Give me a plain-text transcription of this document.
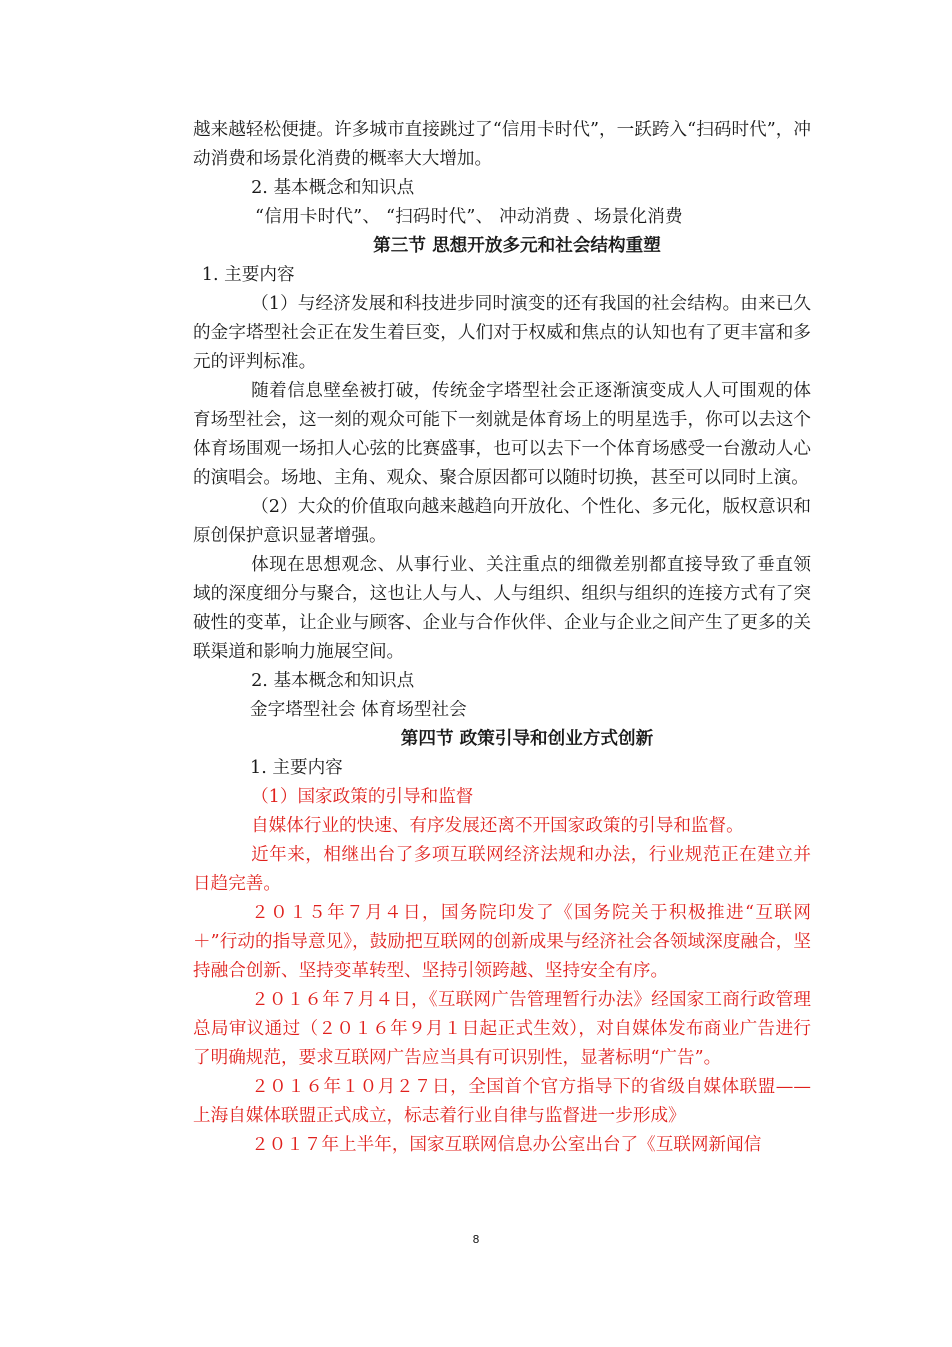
越来越轻松便捷。许多城市直接跳过了“信用卡时代”，一跃跨入“扫码时代”，冲动消费和场景化消费的概率大大增加。

2. 基本概念和知识点

“信用卡时代”、 “扫码时代”、 冲动消费 、场景化消费

第三节 思想开放多元和社会结构重塑

1. 主要内容

（1）与经济发展和科技进步同时演变的还有我国的社会结构。由来已久的金字塔型社会正在发生着巨变，人们对于权威和焦点的认知也有了更丰富和多元的评判标准。

随着信息壁垒被打破，传统金字塔型社会正逐渐演变成人人可围观的体育场型社会，这一刻的观众可能下一刻就是体育场上的明星选手，你可以去这个体育场围观一场扣人心弦的比赛盛事，也可以去下一个体育场感受一台激动人心的演唱会。场地、主角、观众、聚合原因都可以随时切换，甚至可以同时上演。

（2）大众的价值取向越来越趋向开放化、个性化、多元化，版权意识和原创保护意识显著增强。

体现在思想观念、从事行业、关注重点的细微差别都直接导致了垂直领域的深度细分与聚合，这也让人与人、人与组织、组织与组织的连接方式有了突破性的变革，让企业与顾客、企业与合作伙伴、企业与企业之间产生了更多的关联渠道和影响力施展空间。

2. 基本概念和知识点

金字塔型社会 体育场型社会

第四节 政策引导和创业方式创新

1. 主要内容

（1）国家政策的引导和监督

自媒体行业的快速、有序发展还离不开国家政策的引导和监督。

近年来，相继出台了多项互联网经济法规和办法，行业规范正在建立并日趋完善。

２０１５年７月４日，国务院印发了《国务院关于积极推进“互联网＋”行动的指导意见》，鼓励把互联网的创新成果与经济社会各领域深度融合，坚持融合创新、坚持变革转型、坚持引领跨越、坚持安全有序。

２０１６年７月４日，《互联网广告管理暂行办法》经国家工商行政管理总局审议通过（２０１６年９月１日起正式生效），对自媒体发布商业广告进行了明确规范，要求互联网广告应当具有可识别性，显著标明“广告”。

２０１６年１０月２７日，全国首个官方指导下的省级自媒体联盟——上海自媒体联盟正式成立，标志着行业自律与监督进一步形成》

２０１７年上半年，国家互联网信息办公室出台了《互联网新闻信

8
